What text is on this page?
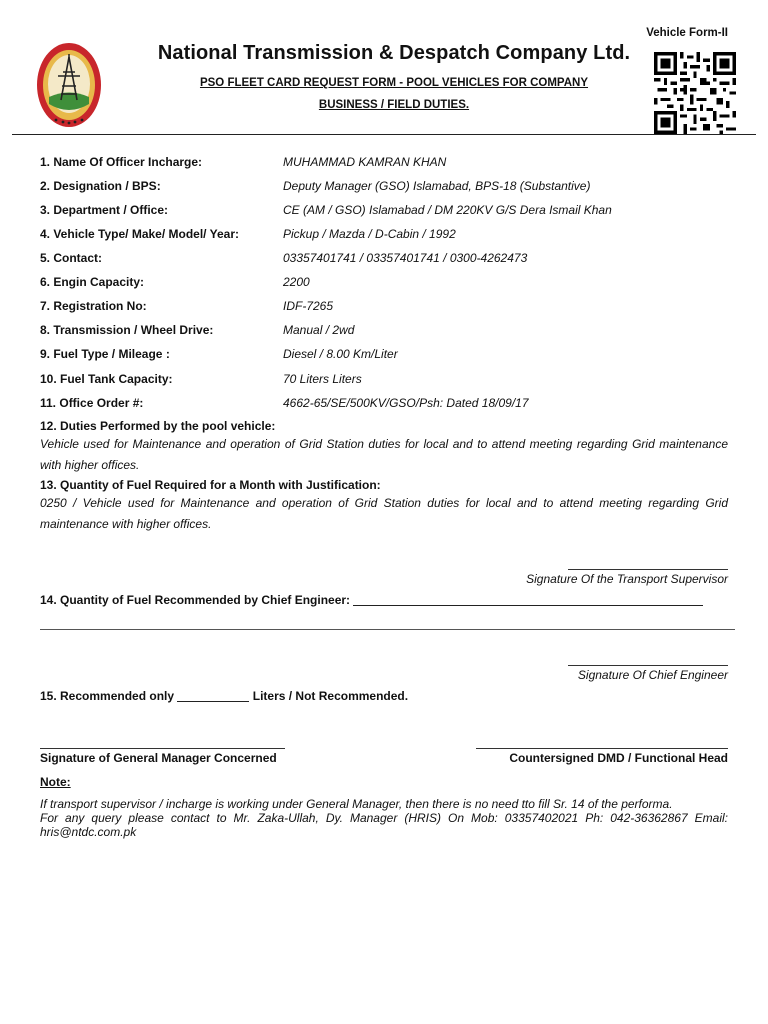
Vehicle Form-II
National Transmission & Despatch Company Ltd.
PSO FLEET CARD REQUEST FORM - POOL VEHICLES FOR COMPANY
BUSINESS / FIELD DUTIES.
1. Name Of Officer Incharge:	MUHAMMAD KAMRAN KHAN
2. Designation / BPS:	Deputy Manager (GSO) Islamabad, BPS-18 (Substantive)
3. Department / Office:	CE (AM / GSO) Islamabad / DM 220KV G/S Dera Ismail Khan
4. Vehicle Type/ Make/ Model/ Year:	Pickup / Mazda / D-Cabin / 1992
5. Contact:	03357401741 / 03357401741 / 0300-4262473
6. Engin Capacity:	2200
7. Registration No:	IDF-7265
8. Transmission / Wheel Drive:	Manual / 2wd
9. Fuel Type / Mileage :	Diesel / 8.00 Km/Liter
10. Fuel Tank Capacity:	70 Liters Liters
11. Office Order #:	4662-65/SE/500KV/GSO/Psh: Dated 18/09/17
12. Duties Performed by the pool vehicle:
Vehicle used for Maintenance and operation of Grid Station duties for local and to attend meeting regarding Grid maintenance with higher offices.
13. Quantity of Fuel Required for a Month with Justification:
0250 / Vehicle used for Maintenance and operation of Grid Station duties for local and to attend meeting regarding Grid maintenance with higher offices.
Signature Of the Transport Supervisor
14. Quantity of Fuel Recommended by Chief Engineer:
Signature Of Chief Engineer
15. Recommended only	Liters / Not Recommended.
Signature of General Manager Concerned	Countersigned DMD / Functional Head
Note:
If transport supervisor / incharge is working under General Manager, then there is no need tto fill Sr. 14 of the performa.
For any query please contact to Mr. Zaka-Ullah, Dy. Manager (HRIS) On Mob: 03357402021 Ph: 042-36362867 Email: hris@ntdc.com.pk
